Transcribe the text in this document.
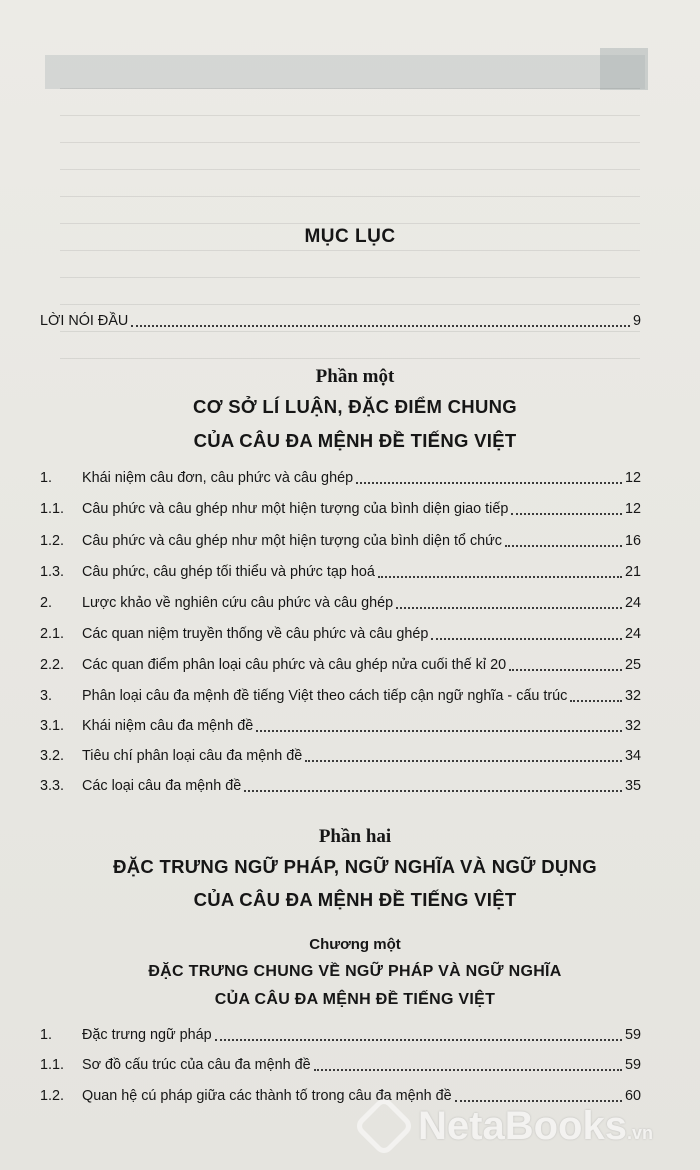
MỤC LỤC
LỜI NÓI ĐẦU	9
Phần một
CƠ SỞ LÍ LUẬN, ĐẶC ĐIỂM CHUNG
CỦA CÂU ĐA MỆNH ĐỀ TIẾNG VIỆT
1.	Khái niệm câu đơn, câu phức và câu ghép	12
1.1.	Câu phức và câu ghép như một hiện tượng của bình diện giao tiếp	12
1.2.	Câu phức và câu ghép như một hiện tượng của bình diện tổ chức	16
1.3.	Câu phức, câu ghép tối thiểu và phức tạp hoá	21
2.	Lược khảo về nghiên cứu câu phức và câu ghép	24
2.1.	Các quan niệm truyền thống về câu phức và câu ghép	24
2.2.	Các quan điểm phân loại câu phức và câu ghép nửa cuối thế kỉ 20	25
3.	Phân loại câu đa mệnh đề tiếng Việt theo cách tiếp cận ngữ nghĩa - cấu trúc	32
3.1.	Khái niệm câu đa mệnh đề	32
3.2.	Tiêu chí phân loại câu đa mệnh đề	34
3.3.	Các loại câu đa mệnh đề	35
Phần hai
ĐẶC TRƯNG NGỮ PHÁP, NGỮ NGHĨA VÀ NGỮ DỤNG
CỦA CÂU ĐA MỆNH ĐỀ TIẾNG VIỆT
Chương một
ĐẶC TRƯNG CHUNG VỀ NGỮ PHÁP VÀ NGỮ NGHĨA
CỦA CÂU ĐA MỆNH ĐỀ TIẾNG VIỆT
1.	Đặc trưng ngữ pháp	59
1.1.	Sơ đồ cấu trúc của câu đa mệnh đề	59
1.2.	Quan hệ cú pháp giữa các thành tố trong câu đa mệnh đề	60
NetaBooks.vn
